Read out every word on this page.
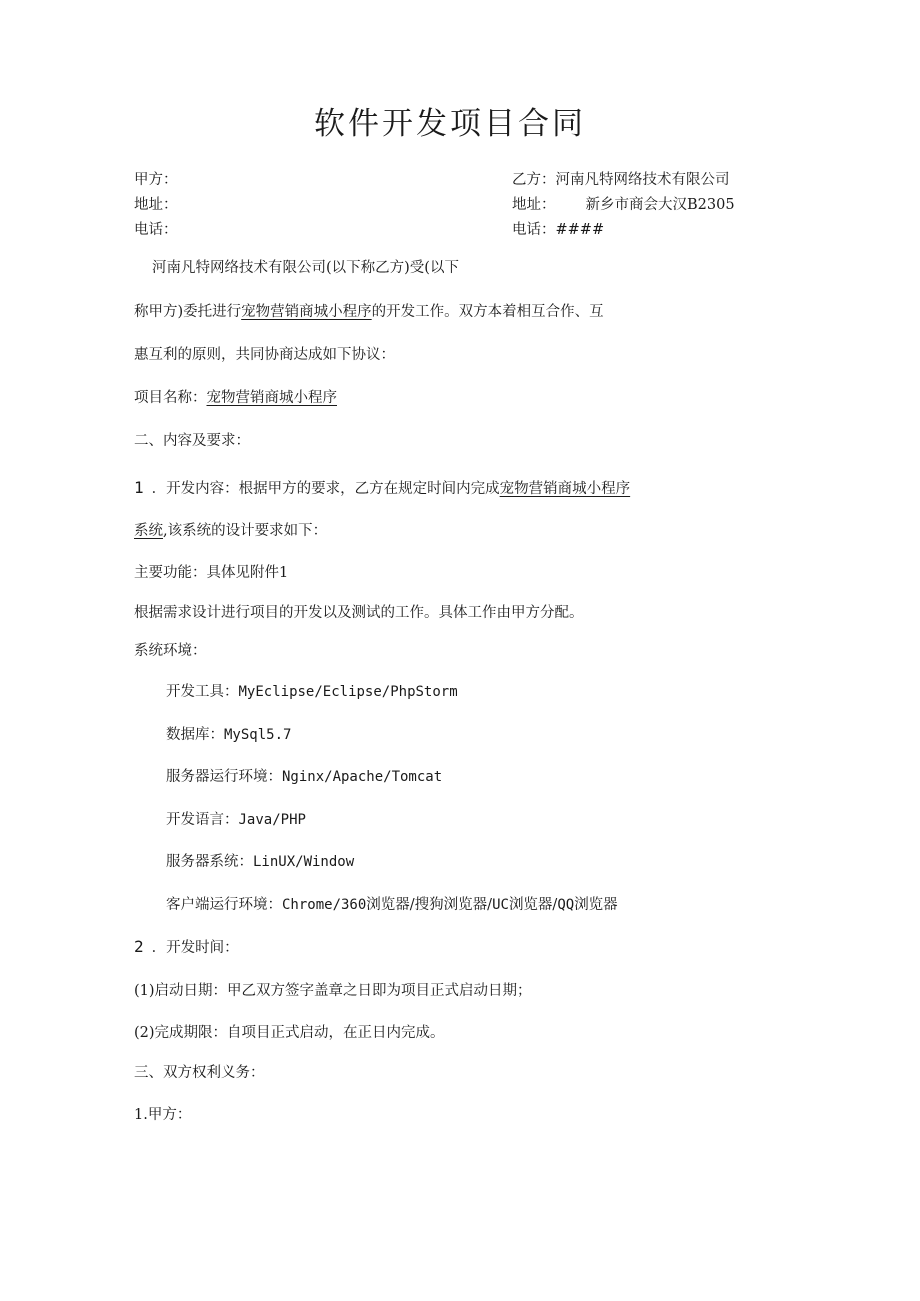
软件开发项目合同
甲方：	乙方：河南凡特网络技术有限公司
地址：	地址： 新乡市商会大汉B2305
电话：	电话：####
河南凡特网络技术有限公司(以下称乙方)受(以下
称甲方)委托进行宠物营销商城小程序的开发工作。双方本着相互合作、互
惠互利的原则，共同协商达成如下协议：
项目名称：宠物营销商城小程序
二、内容及要求：
1 ．开发内容：根据甲方的要求，乙方在规定时间内完成宠物营销商城小程序
系统,该系统的设计要求如下：
主要功能：具体见附件1
根据需求设计进行项目的开发以及测试的工作。具体工作由甲方分配。
系统环境：
开发工具：MyEclipse/Eclipse/PhpStorm
数据库：MySql5.7
服务器运行环境：Nginx/Apache/Tomcat
开发语言：Java/PHP
服务器系统：LinUX/Window
客户端运行环境：Chrome/360浏览器/搜狗浏览器/UC浏览器/QQ浏览器
2 ．开发时间：
(1)启动日期：甲乙双方签字盖章之日即为项目正式启动日期；
(2)完成期限：自项目正式启动，在正日内完成。
三、双方权利义务：
1.甲方：
